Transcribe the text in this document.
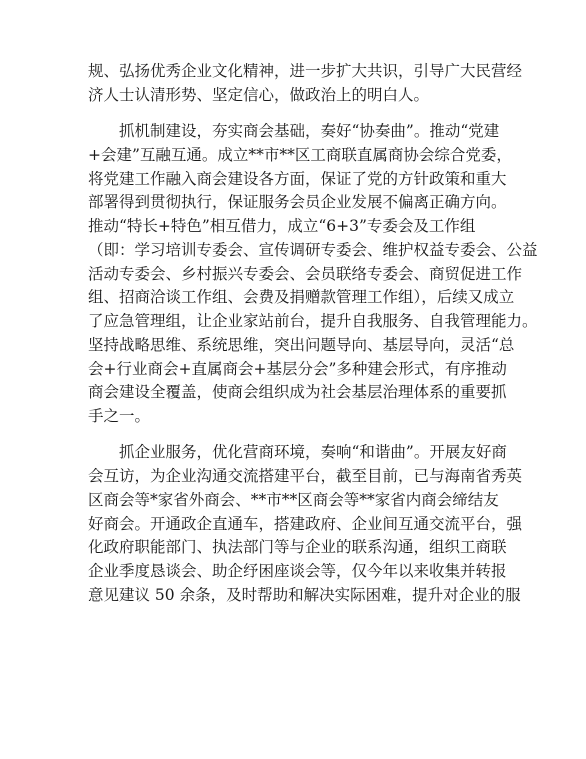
规、弘扬优秀企业文化精神，进一步扩大共识，引导广大民营经
济人士认清形势、坚定信心，做政治上的明白人。
抓机制建设，夯实商会基础，奏好“协奏曲”。推动“党建
+会建”互融互通。成立**市**区工商联直属商协会综合党委，
将党建工作融入商会建设各方面，保证了党的方针政策和重大
部署得到贯彻执行，保证服务会员企业发展不偏离正确方向。
推动“特长+特色”相互借力，成立“6+3”专委会及工作组
（即：学习培训专委会、宣传调研专委会、维护权益专委会、公益
活动专委会、乡村振兴专委会、会员联络专委会、商贸促进工作
组、招商洽谈工作组、会费及捐赠款管理工作组），后续又成立
了应急管理组，让企业家站前台，提升自我服务、自我管理能力。
坚持战略思维、系统思维，突出问题导向、基层导向，灵活“总
会+行业商会+直属商会+基层分会”多种建会形式，有序推动
商会建设全覆盖，使商会组织成为社会基层治理体系的重要抓
手之一。
抓企业服务，优化营商环境，奏响“和谐曲”。开展友好商
会互访，为企业沟通交流搭建平台，截至目前，已与海南省秀英
区商会等*家省外商会、**市**区商会等**家省内商会缔结友
好商会。开通政企直通车，搭建政府、企业间互通交流平台，强
化政府职能部门、执法部门等与企业的联系沟通，组织工商联
企业季度恳谈会、助企纾困座谈会等，仅今年以来收集并转报
意见建议 50 余条，及时帮助和解决实际困难，提升对企业的服
